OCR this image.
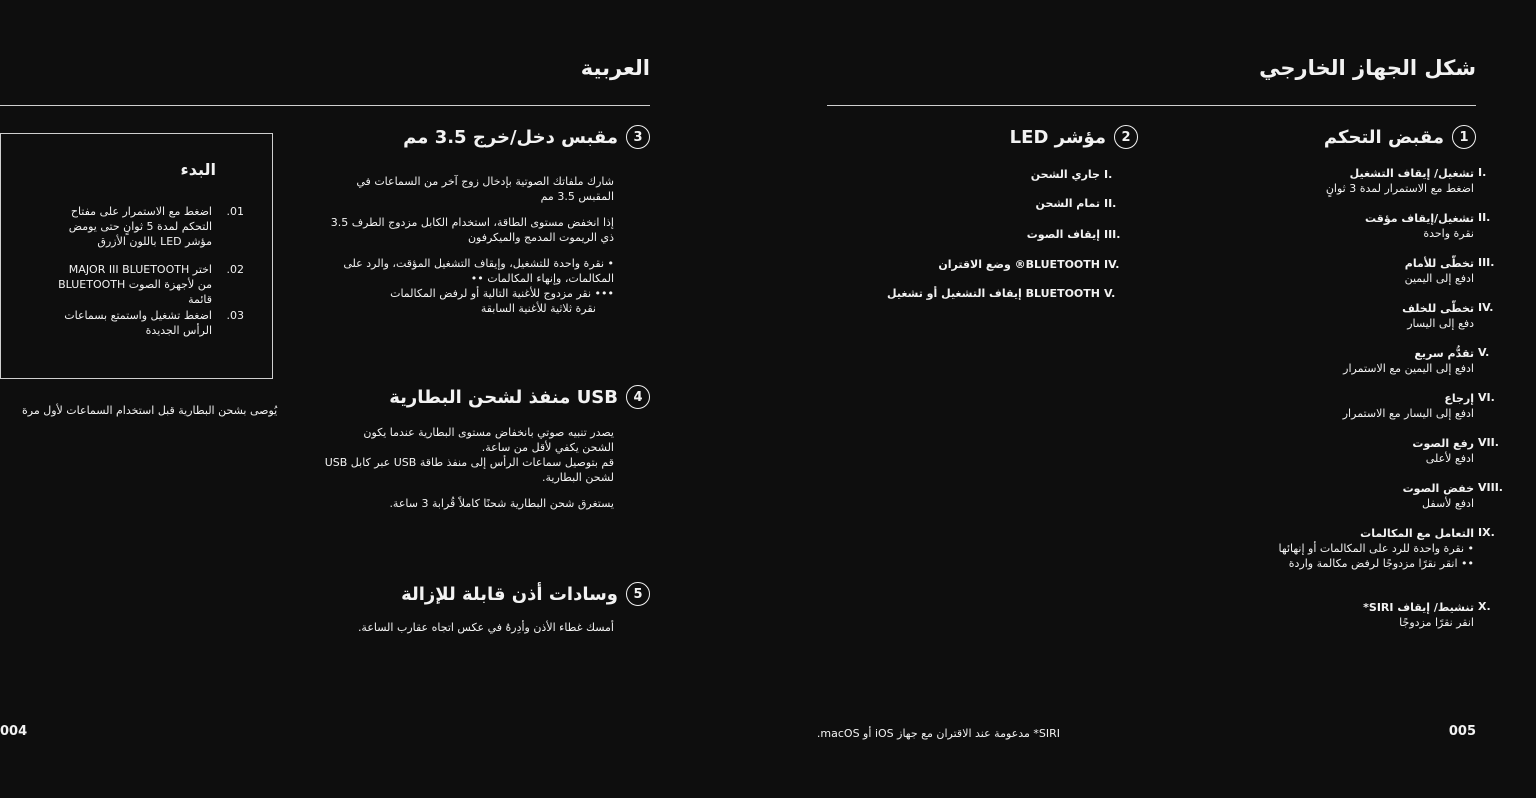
شكل الجهاز الخارجي
1
مقبض التحكم
I.
تشغيل/ إيقاف التشغيل
اضغط مع الاستمرار لمدة 3 ثوانٍ
II.
تشغيل/إيقاف مؤقت
نقرة واحدة
III.
تخطّى للأمام
ادفع إلى اليمين
IV.
تخطّى للخلف
دفع إلى اليسار
V.
تقدُّم سريع
ادفع إلى اليمين مع الاستمرار
VI.
إرجاع
ادفع إلى اليسار مع الاستمرار
VII.
رفع الصوت
ادفع لأعلى
VIII.
خفض الصوت
ادفع لأسفل
IX.
التعامل مع المكالمات
• نقرة واحدة للرد على المكالمات أو إنهائها
•• انقر نقرًا مزدوجًا لرفض مكالمة واردة
X.
تنشيط/ إيقاف SIRI*
انقر نقرًا مزدوجًا
2
مؤشر LED
I.
جاري الشحن
II.
تمام الشحن
III.
إيقاف الصوت
IV.
BLUETOOTH® وضع الاقتران
V.
BLUETOOTH إيقاف التشغيل أو تشغيل
SIRI* مدعومة عند الاقتران مع جهاز iOS أو macOS.	005
العربية
3
مقبس دخل/خرج 3.5 مم
شارك ملفاتك الصوتية بإدخال زوج آخر من السماعات في المقبس 3.5 مم
إذا انخفض مستوى الطاقة، استخدام الكابل مزدوج الطرف 3.5 ذي الريموت المدمج والميكرفون
• نقرة واحدة للتشغيل، وإيقاف التشغيل المؤقت، والرد على
المكالمات، وإنهاء المكالمات ••
••• نقر مزدوج للأغنية التالية أو لرفض المكالمات
نقرة ثلاثية للأغنية السابقة
4
USB منفذ لشحن البطارية
يصدر تنبيه صوتي بانخفاض مستوى البطارية عندما يكون
الشحن يكفي لأقل من ساعة.
قم بتوصيل سماعات الرأس إلى منفذ طاقة USB عبر كابل USB
لشحن البطارية.
يستغرق شحن البطارية شحنًا كاملاً قُرابة 3 ساعة.
5
وسادات أذن قابلة للإزالة
أمسك غطاء الأذن وأدِرهُ في عكس اتجاه عقارب الساعة.
البدء
01.
اضغط مع الاستمرار على مفتاح التحكم لمدة 5 ثوانٍ حتى يومض مؤشر LED باللون الأزرق
02.
اختر MAJOR III BLUETOOTH من لأجهزة الصوت BLUETOOTH قائمة
03.
اضغط تشغيل واستمتع بسماعات الرأس الجديدة
يُوصى بشحن البطارية قبل استخدام السماعات لأول مرة
004
